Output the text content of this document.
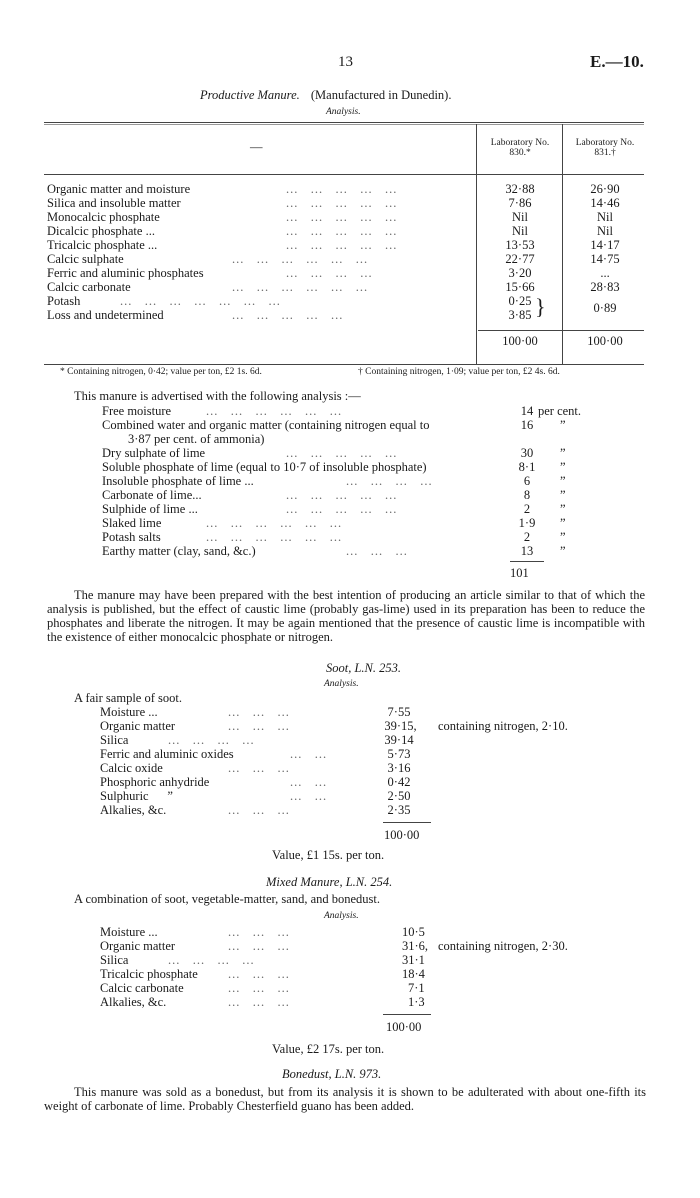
13	E.—10.
Productive Manure. (Manufactured in Dunedin).
Analysis.
—	Laboratory No.
830.*
Laboratory No.
831.†
Organic matter and moisture	...   ...   ...   ...   ...	32·88	26·90
Silica and insoluble matter	...   ...   ...   ...   ...	7·86	14·46
Monocalcic phosphate	...   ...   ...   ...   ...	Nil	Nil
Dicalcic phosphate ...	...   ...   ...   ...   ...	Nil	Nil
Tricalcic phosphate ...	...   ...   ...   ...   ...	13·53	14·17
Calcic sulphate	...   ...   ...   ...   ...   ...	22·77	14·75
Ferric and aluminic phosphates	...   ...   ...   ...	3·20	...
Calcic carbonate	...   ...   ...   ...   ...   ...	15·66	28·83
Potash	...   ...   ...   ...   ...   ...   ...	0·25	0·89
Loss and undetermined	...   ...   ...   ...   ...	3·85 }
100·00	100·00
* Containing nitrogen, 0·42; value per ton, £2 1s. 6d.	† Containing nitrogen, 1·09; value per ton, £2 4s. 6d.
This manure is advertised with the following analysis :—
Free moisture	...   ...   ...   ...   ...   ...	14 per cent.
Combined water and organic matter (containing nitrogen equal to	16	”
3·87 per cent. of ammonia)
Dry sulphate of lime	...   ...   ...   ...   ...	30	”
Soluble phosphate of lime (equal to 10·7 of insoluble phosphate)	8·1 ”
Insoluble phosphate of lime ...	...   ...   ...   ...	6	”
Carbonate of lime...	...   ...   ...   ...   ...	8	”
Sulphide of lime ...	...   ...   ...   ...   ...	2	”
Slaked lime	...   ...   ...   ...   ...   ...	1·9 ”
Potash salts	...   ...   ...   ...   ...   ...	2	”
Earthy matter (clay, sand, &c.)	...   ...   ...	13	”
101
The manure may have been prepared with the best intention of producing an article similar to that of which the analysis is published, but the effect of caustic lime (probably gas-lime) used in its preparation has been to reduce the phosphates and liberate the nitrogen. It may be again mentioned that the presence of caustic lime is incompatible with the existence of either monocalcic phosphate or nitrogen.
Soot, L.N. 253.
Analysis.
A fair sample of soot.
Moisture ...	...   ...   ...	7·55
Organic matter	...   ...   ...	39·15,	containing nitrogen, 2·10.
Silica	...   ...   ...   ...	39·14
Ferric and aluminic oxides	...   ...	5·73
Calcic oxide	...   ...   ...	3·16
Phosphoric anhydride	...   ...	0·42
Sulphuric      ”	...   ...	2·50
Alkalies, &c.	...   ...   ...	2·35
100·00
Value, £1 15s. per ton.
Mixed Manure, L.N. 254.
A combination of soot, vegetable-matter, sand, and bonedust.
Analysis.
Moisture ...	...   ...   ...	10·5
Organic matter	...   ...   ...	31·6, containing nitrogen, 2·30.
Silica	...   ...   ...   ...	31·1
Tricalcic phosphate ...   ...   ...	18·4
Calcic carbonate	...   ...   ...	7·1
Alkalies, &c.	...   ...   ...	1·3
100·00
Value, £2 17s. per ton.
Bonedust, L.N. 973.
This manure was sold as a bonedust, but from its analysis it is shown to be adulterated with about one-fifth its weight of carbonate of lime. Probably Chesterfield guano has been added.
